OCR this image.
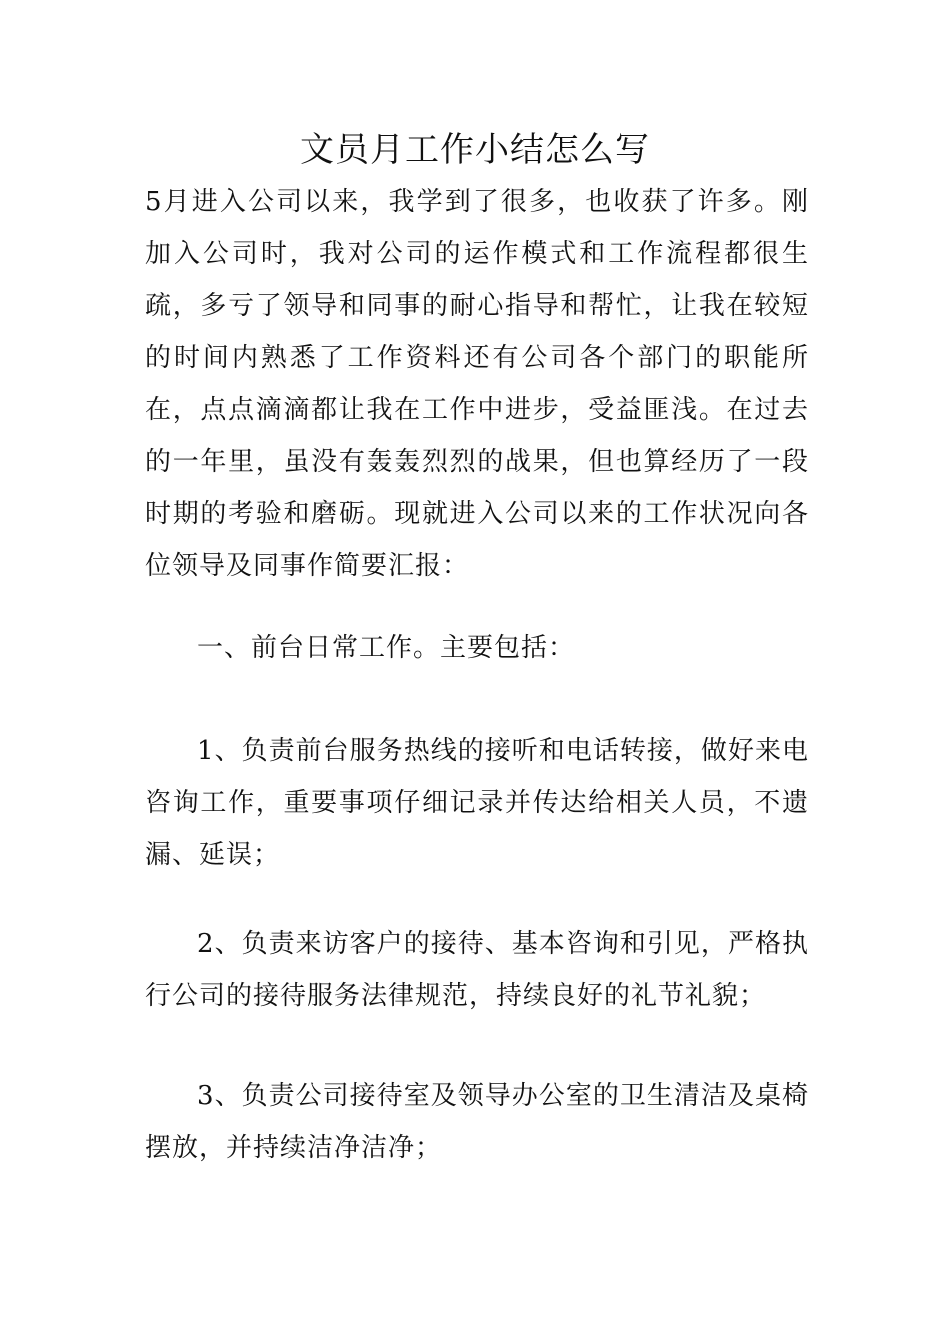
文员月工作小结怎么写

5月进入公司以来，我学到了很多，也收获了许多。刚加入公司时，我对公司的运作模式和工作流程都很生疏，多亏了领导和同事的耐心指导和帮忙，让我在较短的时间内熟悉了工作资料还有公司各个部门的职能所在，点点滴滴都让我在工作中进步，受益匪浅。在过去的一年里，虽没有轰轰烈烈的战果，但也算经历了一段时期的考验和磨砺。现就进入公司以来的工作状况向各位领导及同事作简要汇报：

一、前台日常工作。主要包括：

1、负责前台服务热线的接听和电话转接，做好来电咨询工作，重要事项仔细记录并传达给相关人员，不遗漏、延误；

2、负责来访客户的接待、基本咨询和引见，严格执行公司的接待服务法律规范，持续良好的礼节礼貌；

3、负责公司接待室及领导办公室的卫生清洁及桌椅摆放，并持续洁净洁净；
